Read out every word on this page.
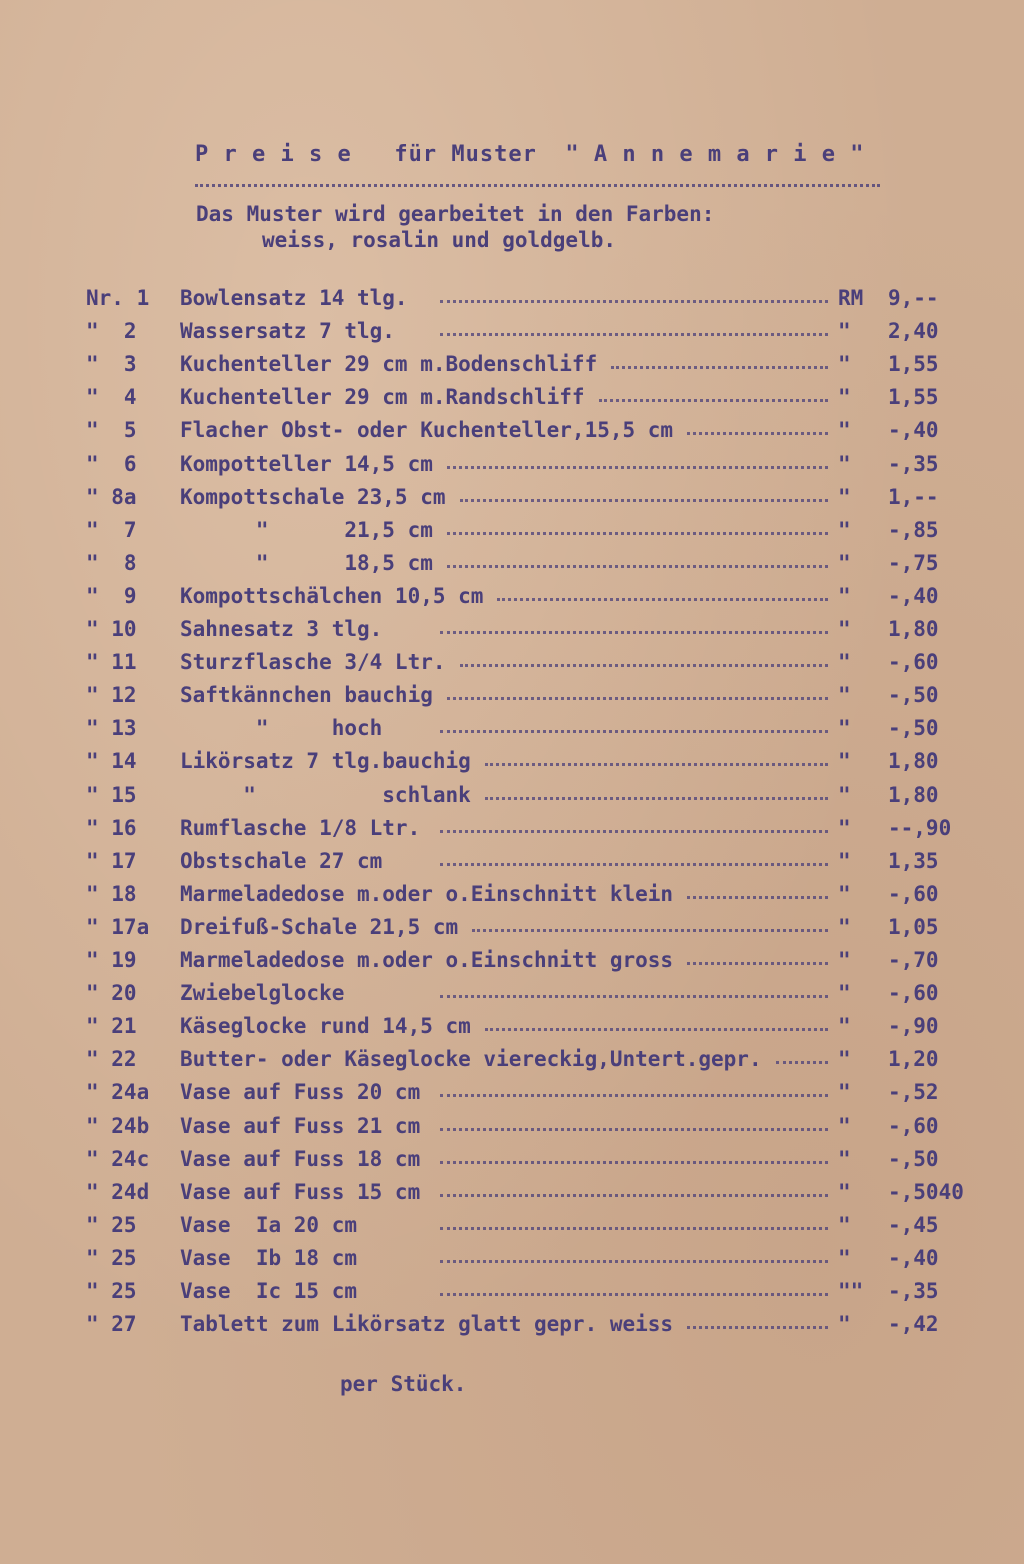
P r e i s e   für Muster  " A n n e m a r i e "
Das Muster wird gearbeitet in den Farben:
weiss, rosalin und goldgelb.
Nr. 1 Bowlensatz 14 tlg.	RM 9,--
"  2 Wassersatz 7 tlg.	" 2,40
"  3 Kuchenteller 29 cm m.Bodenschliff	" 1,55
"  4 Kuchenteller 29 cm m.Randschliff	" 1,55
"  5 Flacher Obst- oder Kuchenteller,15,5 cm	" -,40
"  6 Kompotteller 14,5 cm	" -,35
" 8a Kompottschale 23,5 cm	" 1,--
"  7 "      21,5 cm	" -,85
"  8 "      18,5 cm	" -,75
"  9 Kompottschälchen 10,5 cm	" -,40
" 10 Sahnesatz 3 tlg.	" 1,80
" 11 Sturzflasche 3/4 Ltr.	" -,60
" 12 Saftkännchen bauchig	" -,50
" 13 "     hoch	" -,50
" 14 Likörsatz 7 tlg.bauchig	" 1,80
" 15 "          schlank	" 1,80
" 16 Rumflasche 1/8 Ltr.	" --,90
" 17 Obstschale 27 cm	" 1,35
" 18 Marmeladedose m.oder o.Einschnitt klein	" -,60
" 17a Dreifuß-Schale 21,5 cm	" 1,05
" 19 Marmeladedose m.oder o.Einschnitt gross	" -,70
" 20 Zwiebelglocke	" -,60
" 21 Käseglocke rund 14,5 cm	" -,90
" 22 Butter- oder Käseglocke viereckig,Untert.gepr.	" 1,20
" 24a Vase auf Fuss 20 cm	" -,52
" 24b Vase auf Fuss 21 cm	" -,60
" 24c Vase auf Fuss 18 cm	" -,50
" 24d Vase auf Fuss 15 cm	" -,5040
" 25 Vase  Ia 20 cm	" -,45
" 25 Vase  Ib 18 cm	" -,40
" 25 Vase  Ic 15 cm	"" -,35
" 27 Tablett zum Likörsatz glatt gepr. weiss	" -,42
per Stück.
